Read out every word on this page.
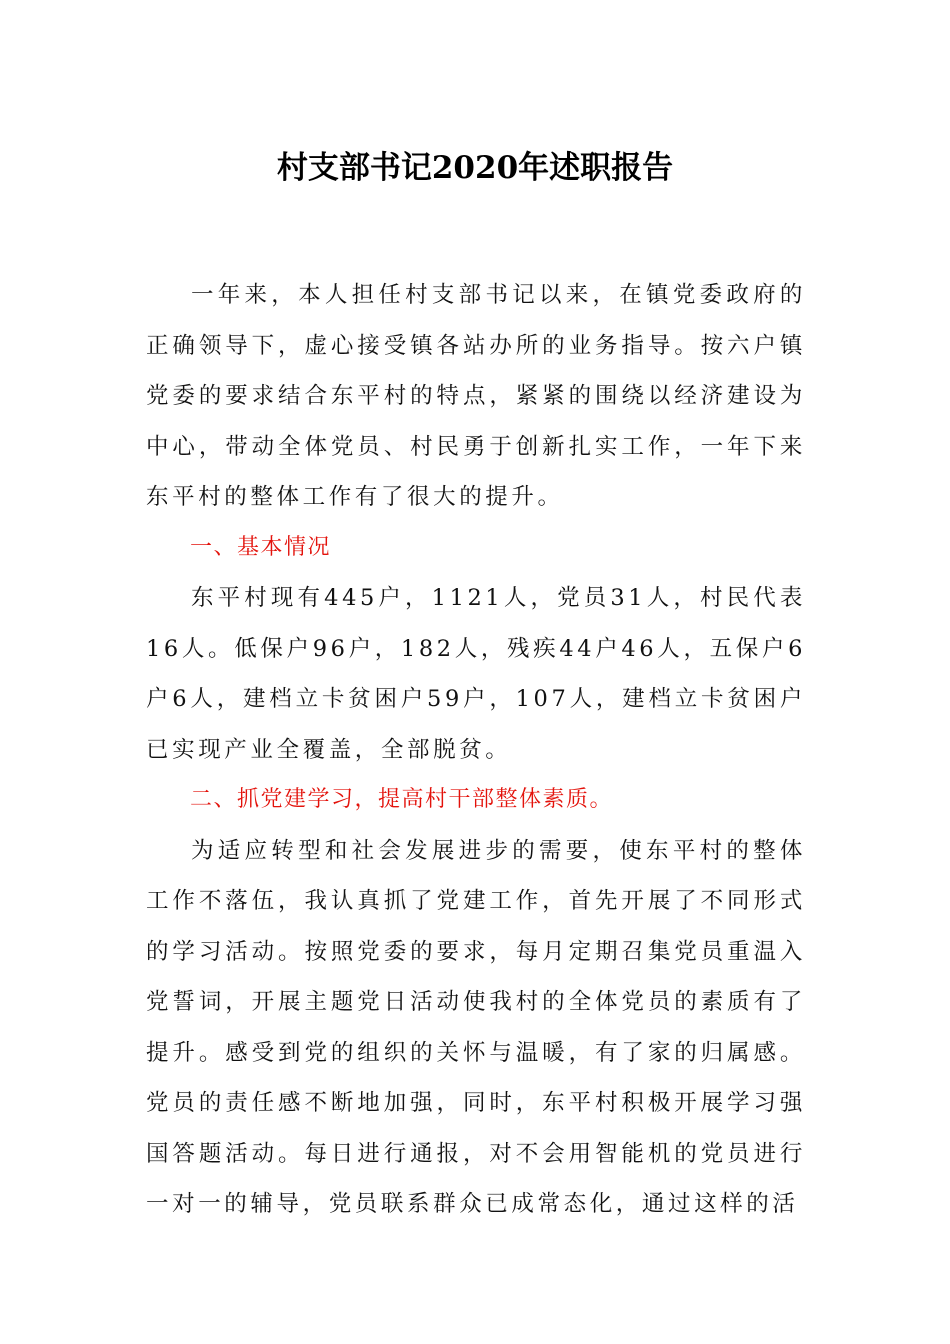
村支部书记2020年述职报告

一年来，本人担任村支部书记以来，在镇党委政府的正确领导下，虚心接受镇各站办所的业务指导。按六户镇党委的要求结合东平村的特点，紧紧的围绕以经济建设为中心，带动全体党员、村民勇于创新扎实工作，一年下来东平村的整体工作有了很大的提升。

一、基本情况

东平村现有445户，1121人，党员31人，村民代表16人。低保户96户，182人，残疾44户46人，五保户6户6人，建档立卡贫困户59户，107人，建档立卡贫困户已实现产业全覆盖，全部脱贫。

二、抓党建学习，提高村干部整体素质。

为适应转型和社会发展进步的需要，使东平村的整体工作不落伍，我认真抓了党建工作，首先开展了不同形式的学习活动。按照党委的要求，每月定期召集党员重温入党誓词，开展主题党日活动使我村的全体党员的素质有了提升。感受到党的组织的关怀与温暖，有了家的归属感。党员的责任感不断地加强，同时，东平村积极开展学习强国答题活动。每日进行通报，对不会用智能机的党员进行一对一的辅导，党员联系群众已成常态化，通过这样的活
